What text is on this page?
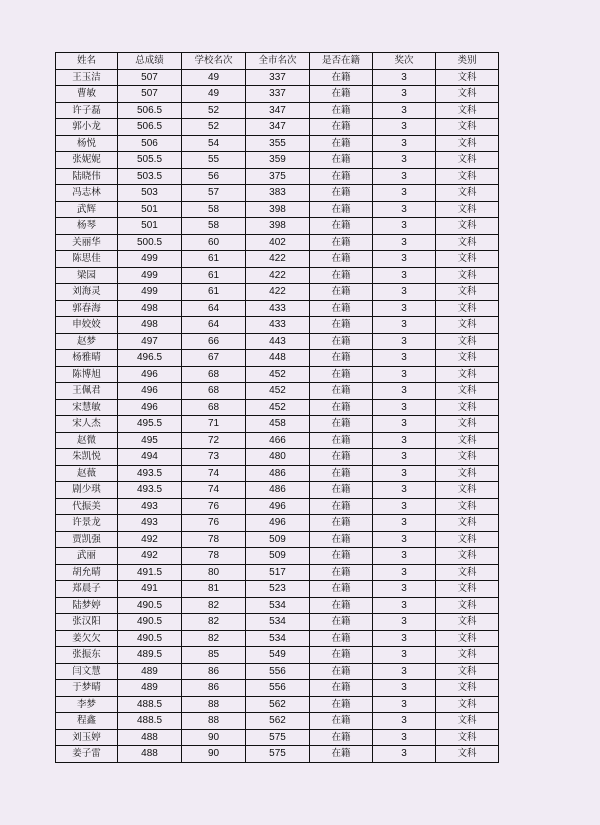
姓名	总成绩	学校名次	全市名次	是否在籍	奖次	类别
王玉洁	507	49	337	在籍	3	文科
曹敏	507	49	337	在籍	3	文科
许子磊	506.5	52	347	在籍	3	文科
郭小龙	506.5	52	347	在籍	3	文科
杨悦	506	54	355	在籍	3	文科
张妮妮	505.5	55	359	在籍	3	文科
陆晓伟	503.5	56	375	在籍	3	文科
冯志林	503	57	383	在籍	3	文科
武辉	501	58	398	在籍	3	文科
杨琴	501	58	398	在籍	3	文科
关丽华	500.5	60	402	在籍	3	文科
陈思佳	499	61	422	在籍	3	文科
梁园	499	61	422	在籍	3	文科
刘海灵	499	61	422	在籍	3	文科
郭春海	498	64	433	在籍	3	文科
申姣姣	498	64	433	在籍	3	文科
赵梦	497	66	443	在籍	3	文科
杨雅晴	496.5	67	448	在籍	3	文科
陈博旭	496	68	452	在籍	3	文科
王佩君	496	68	452	在籍	3	文科
宋慧敏	496	68	452	在籍	3	文科
宋人杰	495.5	71	458	在籍	3	文科
赵微	495	72	466	在籍	3	文科
朱凯悦	494	73	480	在籍	3	文科
赵薇	493.5	74	486	在籍	3	文科
剧少琪	493.5	74	486	在籍	3	文科
代振美	493	76	496	在籍	3	文科
许景龙	493	76	496	在籍	3	文科
贾凯强	492	78	509	在籍	3	文科
武丽	492	78	509	在籍	3	文科
胡允晴	491.5	80	517	在籍	3	文科
郑晨子	491	81	523	在籍	3	文科
陆梦婷	490.5	82	534	在籍	3	文科
张汉阳	490.5	82	534	在籍	3	文科
姜欠欠	490.5	82	534	在籍	3	文科
张振东	489.5	85	549	在籍	3	文科
闫文慧	489	86	556	在籍	3	文科
于梦晴	489	86	556	在籍	3	文科
李梦	488.5	88	562	在籍	3	文科
程鑫	488.5	88	562	在籍	3	文科
刘玉婷	488	90	575	在籍	3	文科
姜子雷	488	90	575	在籍	3	文科
